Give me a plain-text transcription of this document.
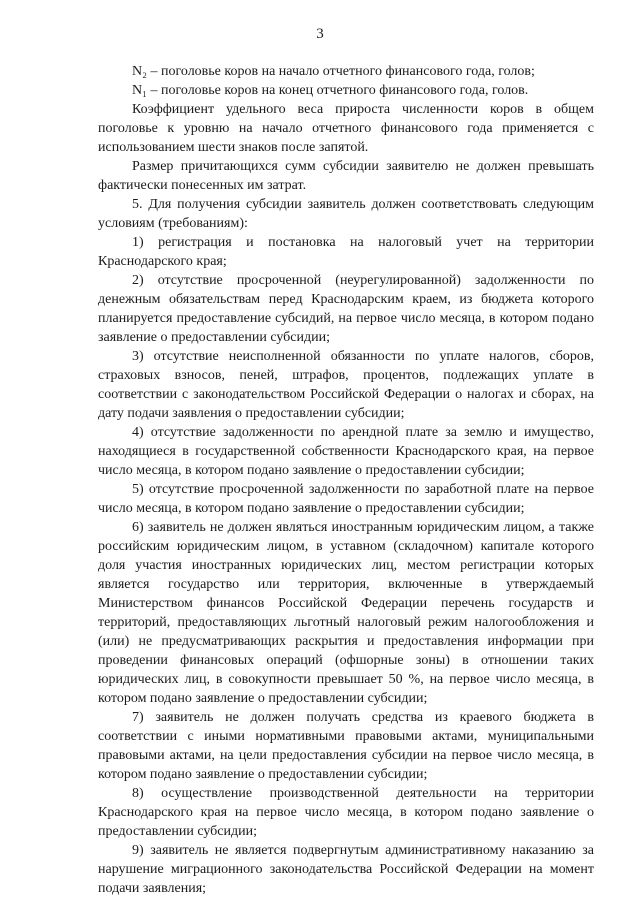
3

N₂ – поголовье коров на начало отчетного финансового года, голов;

N₁ – поголовье коров на конец отчетного финансового года, голов.

Коэффициент удельного веса прироста численности коров в общем поголовье к уровню на начало отчетного финансового года применяется с использованием шести знаков после запятой.

Размер причитающихся сумм субсидии заявителю не должен превышать фактически понесенных им затрат.

5. Для получения субсидии заявитель должен соответствовать следующим условиям (требованиям):

1) регистрация и постановка на налоговый учет на территории Краснодарского края;

2) отсутствие просроченной (неурегулированной) задолженности по денежным обязательствам перед Краснодарским краем, из бюджета которого планируется предоставление субсидий, на первое число месяца, в котором подано заявление о предоставлении субсидии;

3) отсутствие неисполненной обязанности по уплате налогов, сборов, страховых взносов, пеней, штрафов, процентов, подлежащих уплате в соответствии с законодательством Российской Федерации о налогах и сборах, на дату подачи заявления о предоставлении субсидии;

4) отсутствие задолженности по арендной плате за землю и имущество, находящиеся в государственной собственности Краснодарского края, на первое число месяца, в котором подано заявление о предоставлении субсидии;

5) отсутствие просроченной задолженности по заработной плате на первое число месяца, в котором подано заявление о предоставлении субсидии;

6) заявитель не должен являться иностранным юридическим лицом, а также российским юридическим лицом, в уставном (складочном) капитале которого доля участия иностранных юридических лиц, местом регистрации которых является государство или территория, включенные в утверждаемый Министерством финансов Российской Федерации перечень государств и территорий, предоставляющих льготный налоговый режим налогообложения и (или) не предусматривающих раскрытия и предоставления информации при проведении финансовых операций (офшорные зоны) в отношении таких юридических лиц, в совокупности превышает 50 %, на первое число месяца, в котором подано заявление о предоставлении субсидии;

7) заявитель не должен получать средства из краевого бюджета в соответствии с иными нормативными правовыми актами, муниципальными правовыми актами, на цели предоставления субсидии на первое число месяца, в котором подано заявление о предоставлении субсидии;

8) осуществление производственной деятельности на территории Краснодарского края на первое число месяца, в котором подано заявление о предоставлении субсидии;

9) заявитель не является подвергнутым административному наказанию за нарушение миграционного законодательства Российской Федерации на момент подачи заявления;
